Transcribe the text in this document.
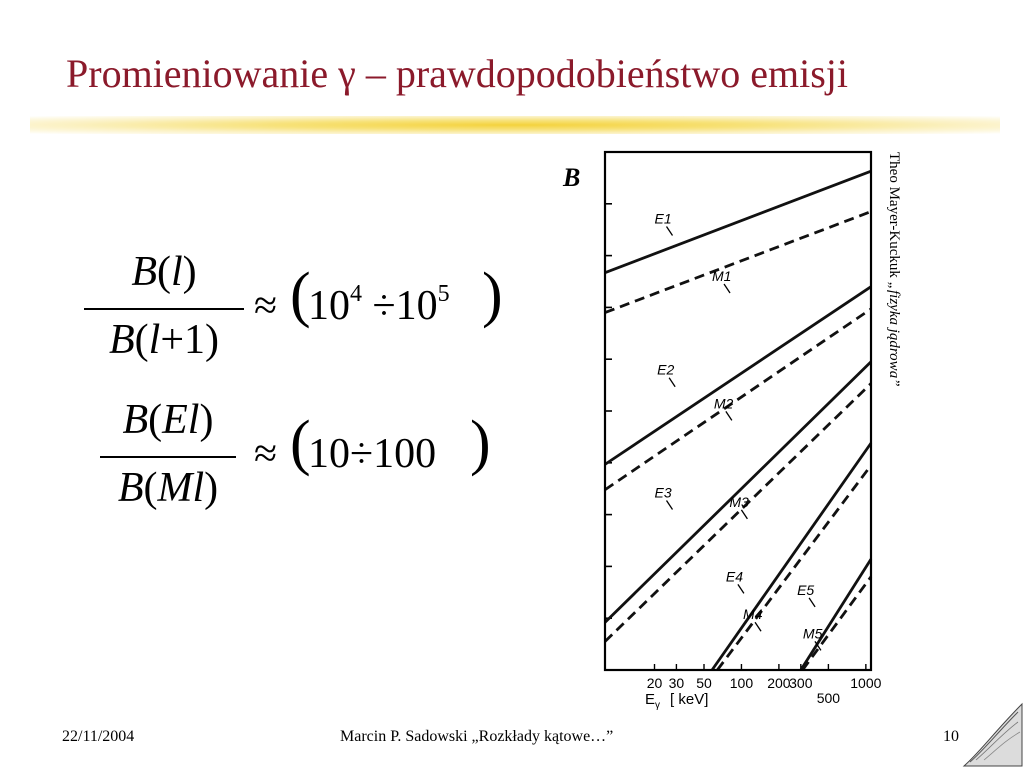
Promieniowanie γ – prawdopodobieństwo emisji
B(l)
B(l+1)
≈ (
$10^4 \div 10^5$ )
B(El)
B(Ml)
≈ (
10÷100 )
B
E1
M1
E2
M2
E3
M3
E4
M4
E5
M5
20 30 50 100 200
300	1000
500
$E_\gamma$ [ keV]
Theo Mayer-Kuckuk „fizyka jądrowa”
22/11/2004	Marcin P. Sadowski „Rozkłady kątowe…”	10
